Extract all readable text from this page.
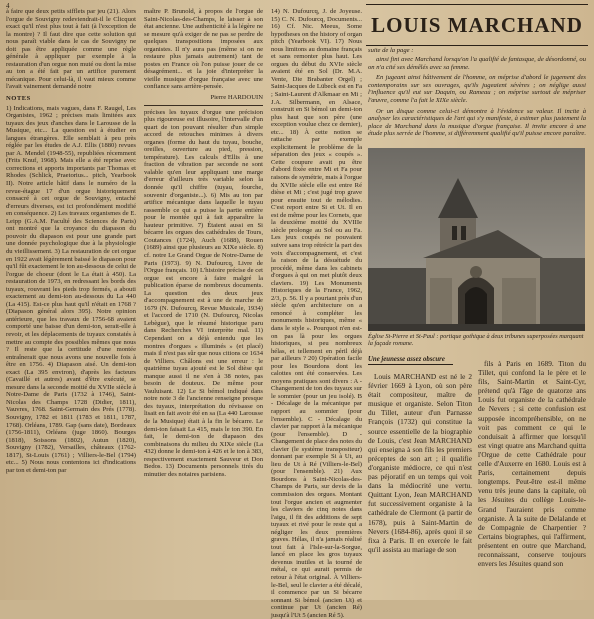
4

à faire que deux petits sifflets par jeu (21). Alors l'orgue de Souvigny redeviendrait-il le Clicquot exact qu'il n'est plus tout à fait (à l'exception de la montre) ? Il faut dire que cette solution qui nous paraît viable dans le cas de Souvigny ne doit pas être appliquée comme une règle générale à appliquer par exemple à la restauration d'un orgue non muté ou dont la mise au ton a été fait par un artifice purement mécanique. Pour celui-là, il vaut mieux comme l'avait vainement demandé notre

NOTES

1) Indications, mais vagues, dans F. Raugel, Les Organistes, 1962 ; précises mais limitées aux tuyaux des jeux d'anches dans le Larousse de la Musique, etc... La question est à étudier en langues étrangères. Elle semblait à peu près réglée par les études de A.J. Ellis (1880) revues par A. Mendel (1948-55), republiées récemment (Frits Knuf, 1968). Mais elle a été reprise avec corrections et apports importants par Thomas et Rhodes (Schlick, Praetorius... pitch, Yearbook II). Notre article hâtif dans le numéro de la revue-étague 17 d'un orgue historiquement consacré à cet orgue de Souvigny, entaché d'erreurs diverses, est ici profondément modifié en conséquence. 2) Les travaux organismes de E. Leipp (G.A.M. Faculté des Sciences de Paris) ont montré que la croyance du diapason du pouvoir du diapason est pour une grande part une donnée psychologique due à la physiologie du vieillissement. 3) La restauration de cet orgue en 1922 avait légèrement baissé le diapason pour qu'il fût exactement le ton au-dessous de celui de l'orgue de choeur (dont le La était à 450). La restauration de 1973, en redressant les bords des tuyaux, rouvrant les pieds trop fermés, a abouti exactement au demi-ton au-dessous du La 440 (La 415). Est-ce plus haut qu'il n'était en 1768 ? (Diapason général alors 395). Notre opinion antérieure, que les travaux de 1756-68 avaient comporté une baisse d'un demi-ton, serait-elle à revoir, et les déplacements de tuyaux constatés à mettre au compte des possibles mêmes que nous ? Il reste que la certitude d'une montée entraînerait que nous avons une nouvelle fois à être en 1756. 4) Diapason aisé. Un demi-ton exact (La 395 environ), d'après les facteurs (Cavaillé et autres) avant d'être exécuté, se mesure dans la seconde moitié du XVIIe siècle à Notre-Dame de Paris (1732 à 1746), Saint-Nicolas des Champs 1728 (Didier, 1811), Vauvres, 1768. Saint-Germain des Prés (1778). Souvigny, 1782 et 1811 (1783 et 1811, 1787, 1768). Orléans, 1789. Gap (sans date), Bordeaux (1756-1811), Orléans (juge 1860). Bourges (1818), Soissons (1802), Autun (1820), Souvigny (1782), Versailles, châteaux (1762-1817), St-Louis (1761) ; Villiers-le-Bel (1794) etc... 5) Nous nous contentons ici d'indications par ton et demi-ton par

maître P. Brunold, à propos de l'orgue de Saint-Nicolas-des-Champs, le laisser à son état ancienne. Une authenticité à la légère ne se mesure qu'à exiger de ne pas se perdre de quelques transpositions imposées aux organistes. Il n'y aura pas (même si on ne restaure plus jamais autrement) tant de postes en France où l'on puisse jouer de ce désagrément... et la joie d'interpréter la vieille musique d'orgue française avec une confiance sans arrière-pensée.

Pierre HARDOUIN

précises les tuyaux d'orgue une précision plus rigoureuse est illusoire, l'intervalle d'un quart de ton pouvant résulter d'un simple accord de retouches minimes à divers organes (forme du haut du tuyau, bouche, oreilles, ouverture au pied, pression, température). Les calculs d'Ellis à une fraction de vibration par seconde ne sont valable qu'en leur appliquant une marge d'erreur d'ailleurs très variable selon la donnée qu'il chiffre (tuyau, fourche, souvenir d'organiste...). 6) Mis au ton par artifice mécanique dans laquelle le tuyau rassemble ce qui a puisse la partie entière pour le montée qui à fait apparaître la hauteur primitive. 7) Étaient aussi en Si bécarre les orgues des cathédrales de Tours, Coutances (1724), Auch (1688), Rouen (1689) ainsi que plusieurs au XIXe siècle. 8) cf. notre Le Grand Orgue de Notre-Dame de Paris (1973). 9) N. Dufourcq, Livre de l'Orgue français. 10) L'histoire précise de cet orgue est encore à faire malgré la publication éparse de nombreux documents. La question des deux jeux d'accompagnement est à une de marche de 1679 (N. Dufourcq, Revue Musicale, 1934) et l'accord de 1710 (N. Dufourcq, Nicolas Lebègue), que le résumé historique paru dans Recherches VI interprète mal. 11) Cependant on a déjà entendu que les montres d'orgues « illuminés » (et placé) mais il n'est pas sûr que nous citions ce 1634 de Villiers. Châlons est une erreur : le quatrième tuyau ajouté est le Sol dièse qui manque aussi il ne s'en à 38 notes, pas besoin de douteux. De même pour Vauluisant. 12) Le Si bémol indiqué dans notre note 3 de l'ancienne renseigne presque des tuyaux, interprétation du révisasse on lisait en fait avoir été en sa (La 440 Larousse de la Musique) était à la fin le bécarre. Le demi-ton faisait La 415, mais le ton 390. En fait, le demi-ton de diapason des combinaisons du milieu du XIXe siècle (La 432) donne le demi-ton à 426 et le ton à 383, respectivement exactement Sauveur et Don Bedos. 13) Documents personnels tirés du minutier des notaires parisiens.

14) N. Dufourcq, J. de Joyeuse. 15) C. N. Dufourcq, Documents... 16) Cf. Nic. Meeus, Some hypotheses on the history of organ pitch (Yearbook VI). 17) Nous nous limitons au domaine français et sans remonter plus haut. Les orgues du début du XVIe siècle avaient été en Sol (Dr. M.A. Vente, Die Brabanter Orgel) ; Saint-Jacques de Lübeck est en Fa ; Saint-Laurent d'Alkmaar en Mi ; J.A. Silbermann, en Alsace, construit en Si bémol un demi-ton plus haut que son père (une exception voulue chez ce dernier), etc... 18) À cette notion se rattache par exemple explicitement le problème de la séparation des jeux « coupés ». Cette coupure avait pu être d'abord fixée entre Mi et Fa pour raisons de symétrie, mais à l'orgue du XVIIe siècle elle est entre Ré dièse et Mi ; c'est jugé trop grave pour ensuite tout de mélodies. C'est report entre Si et Ut. Il en est de même pour les Cornets, que la deuxième moitié du XVIIIe siècle prolonge au Sol ou au Fa. Les jeux coupés ne pouvaient suivre sans trop rétrécir la part des voix d'accompagnement, et c'est la raison de la désuétude du procédé, même dans les cabinets d'orgues à qui on met plutôt deux claviers. 19) Les Monuments Historiques de la France, 1962, 2/3, p. 56. Il y a pourtant près d'un siècle qu'en architecture on a renoncé à compléter les monuments historiques, même « dans le style ». Pourquoi n'en est-on pas là pour les orgues historiques, si peu nombreux hélas, et tellement en péril déjà par ailleurs ? 20) Opération facile pour les Bourdons dont les calottes ont été conservées. Les moyens pratiques sont divers : A - Changement de ton des tuyaux sur le sommier (pour un jeu isolé). B - Décalage de la mécanique par rapport au sommier (pour l'ensemble). C - Décalage du clavier par rapport à la mécanique (pour l'ensemble). D - Changement de place des notes du clavier (le système transpositeur) donnant par exemple Si à Ut, au lieu de Ut à Ré (Villiers-le-Bel) (pour l'ensemble). 21) Aux Bourdons à Saint-Nicolas-des-Champs de Paris, sur devis de la commission des orgues. Montant tout l'orgue ancien et augmenter les claviers de cinq notes dans l'aigu, il fit des additions de sept tuyaux et rivé pour le reste qui a négliger les deux premières graves. Hélas, il n'a jamais réalisé tout fait à l'Isle-sur-la-Sorgue, lancé en place les gros tuyaux devenus inutiles et la tourné de métal, ce qui aurait permis de retour à l'état original. À Villiers-le-Bel, seul le clavier a été décalé, il commence par un Si bécarre sonnant Si bémol (ancien Ut) et continue par Ut (ancien Ré) jusqu'à l'Ut 5 (ancien Ré 5).

LOUIS MARCHAND
suite de la page :

ainsi fini avec Marchand lorsqu'on l'a qualifié de fantasque, de désordonné, ou on n'a cité ses démêlés avec sa femme.

En jugeant ainsi hâtivement de l'homme, on méprise d'abord le jugement des contemporains sur ses ouvrages, qu'ils jugeaient sévères ; on néglige aussi l'influence qu'il eut sur Daquin, ou Rameau ; on méprise surtout de mépriser l'œuvre, comme l'a fait le XIXe siècle.

Or un disque comme celui-ci démontre à l'évidence sa valeur. Il incite à analyser les caractéristiques de l'art qui s'y manifeste, à estimer plus justement la place de Marchand dans la musique d'orgue française. Il invite encore à une étude plus serrée de l'homme, si différemment qualifié qu'il puisse encore paraître.

Église St-Pierre et St-Paul : portique gothique à deux tribunes superposées marquant la façade romane.
Une jeunesse assez obscure

Louis MARCHAND est né le 2 février 1669 à Lyon, où son père était compositeur, maître de musique et organiste. Selon Titon du Tillet, auteur d'un Parnasse François (1732) qui constitue la source essentielle de la biographie de Louis, c'est Jean MARCHAND qui enseigna à son fils les premiers préceptes de son art ; il qualifie d'organiste médiocre, ce qui n'est pas péjoratif en un temps qui voit dans la médiocrité une vertu. Quittant Lyon, Jean MARCHAND fut successivement organiste à la cathédrale de Clermont (à partir de 1678), puis à Saint-Martin de Nevers (1684-86), après quoi il se fixa à Paris. Il en exercée le fait qu'il assista au mariage de son

fils à Paris en 1689. Titon du Tillet, qui confond la le père et le fils, Saint-Martin et Saint-Cyr, prétend qu'à l'âge de quatorze ans Louis fut organiste de la cathédrale de Nevers ; si cette confusion est supposée incompréhensible, on ne voit pas comment ce qui le conduisait à affirmer que lorsqu'il est vingt quatre ans Marchand quitta l'Orgue de cette Cathédrale pour celle d'Auxerre en 1680. Louis est à Paris, certainement depuis longtemps. Peut-être est-il même venu très jeune dans la capitale, où les Jésuites du collège Louis-le-Grand l'auraient pris comme organiste. À la suite de Delalande et de Compagnie de Charpentier ? Certains biographes, qui l'affirment, présentent en outre que Marchand, reconnaissant, conserve toujours envers les Jésuites quand son
